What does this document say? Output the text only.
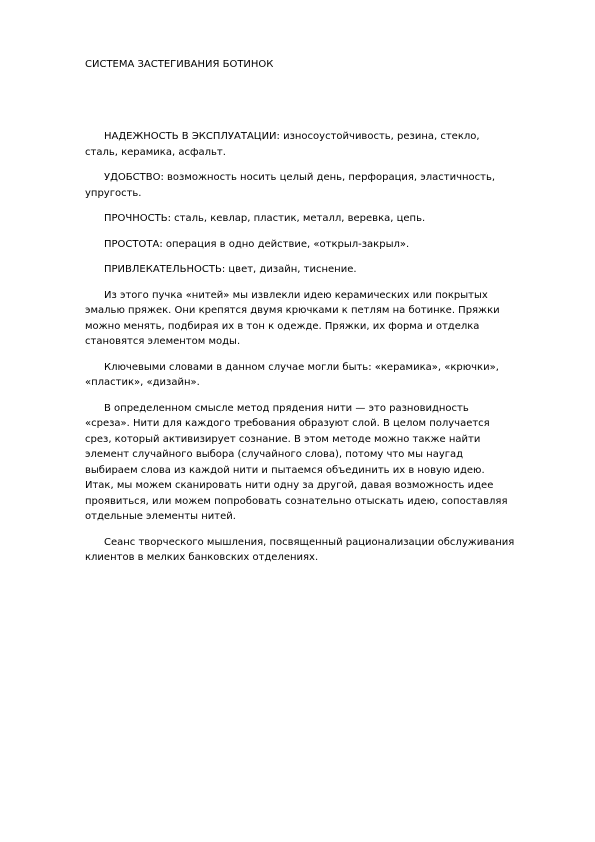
СИСТЕМА ЗАСТЕГИВАНИЯ БОТИНОК

НАДЕЖНОСТЬ В ЭКСПЛУАТАЦИИ: износоустойчивость, резина, стекло, сталь, керамика, асфальт.

УДОБСТВО: возможность носить целый день, перфорация, эластичность, упругость.

ПРОЧНОСТЬ: сталь, кевлар, пластик, металл, веревка, цепь.

ПРОСТОТА: операция в одно действие, «открыл-закрыл».

ПРИВЛЕКАТЕЛЬНОСТЬ: цвет, дизайн, тиснение.

Из этого пучка «нитей» мы извлекли идею керамических или покрытых эмалью пряжек. Они крепятся двумя крючками к петлям на ботинке. Пряжки можно менять, подбирая их в тон к одежде. Пряжки, их форма и отделка становятся элементом моды.

Ключевыми словами в данном случае могли быть: «керамика», «крючки», «пластик», «дизайн».

В определенном смысле метод прядения нити — это разновидность «среза». Нити для каждого требования образуют слой. В целом получается срез, который активизирует сознание. В этом методе можно также найти элемент случайного выбора (случайного слова), потому что мы наугад выбираем слова из каждой нити и пытаемся объединить их в новую идею. Итак, мы можем сканировать нити одну за другой, давая возможность идее проявиться, или можем попробовать сознательно отыскать идею, сопоставляя отдельные элементы нитей.

Сеанс творческого мышления, посвященный рационализации обслуживания клиентов в мелких банковских отделениях.
